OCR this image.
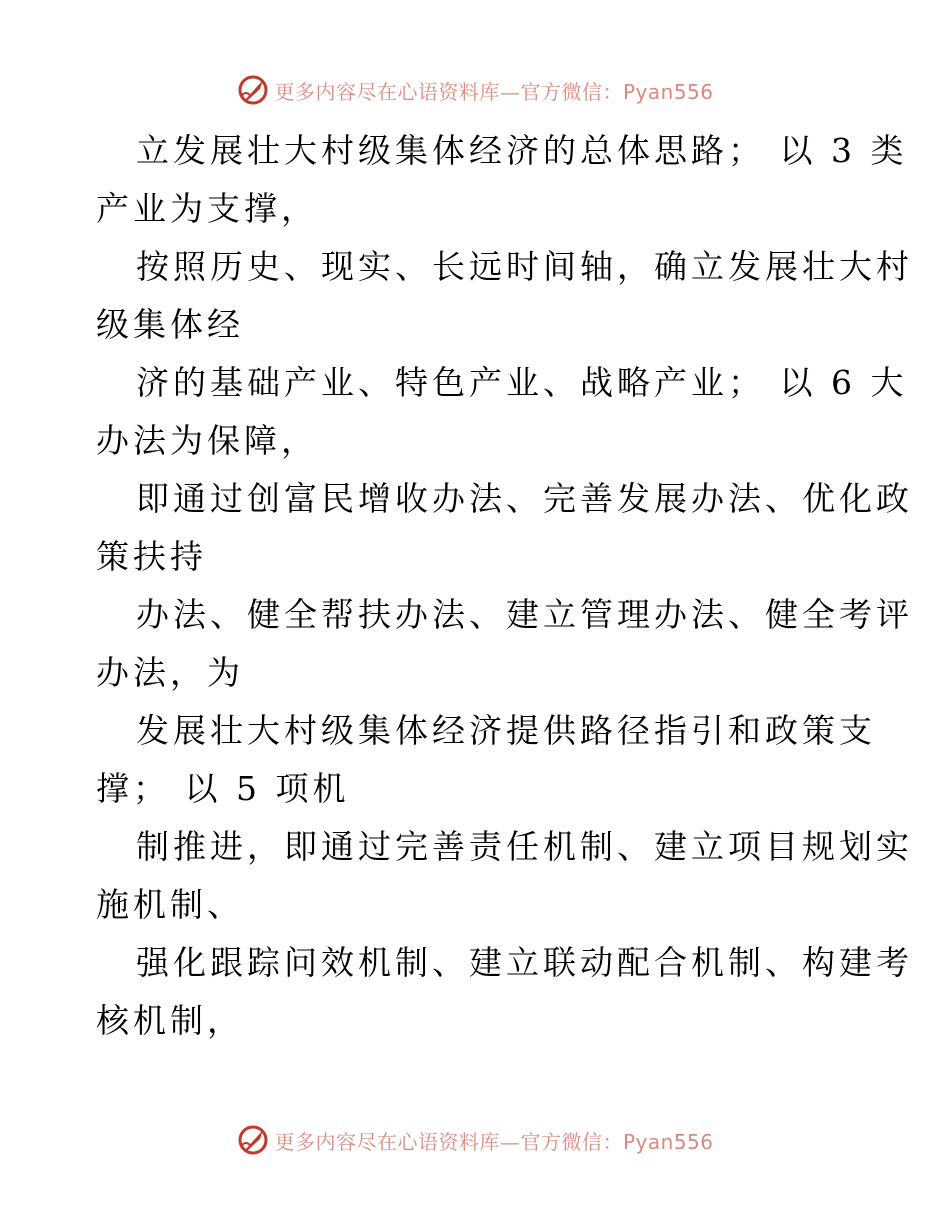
更多内容尽在心语资料库—官方微信：Pyan556
立发展壮大村级集体经济的总体思路； 以 3 类
产业为支撑，
按照历史、现实、长远时间轴，确立发展壮大村
级集体经
济的基础产业、特色产业、战略产业； 以 6 大
办法为保障，
即通过创富民增收办法、完善发展办法、优化政
策扶持
办法、健全帮扶办法、建立管理办法、健全考评
办法，为
发展壮大村级集体经济提供路径指引和政策支
撑； 以 5 项机
制推进，即通过完善责任机制、建立项目规划实
施机制、
强化跟踪问效机制、建立联动配合机制、构建考
核机制，
更多内容尽在心语资料库—官方微信：Pyan556
